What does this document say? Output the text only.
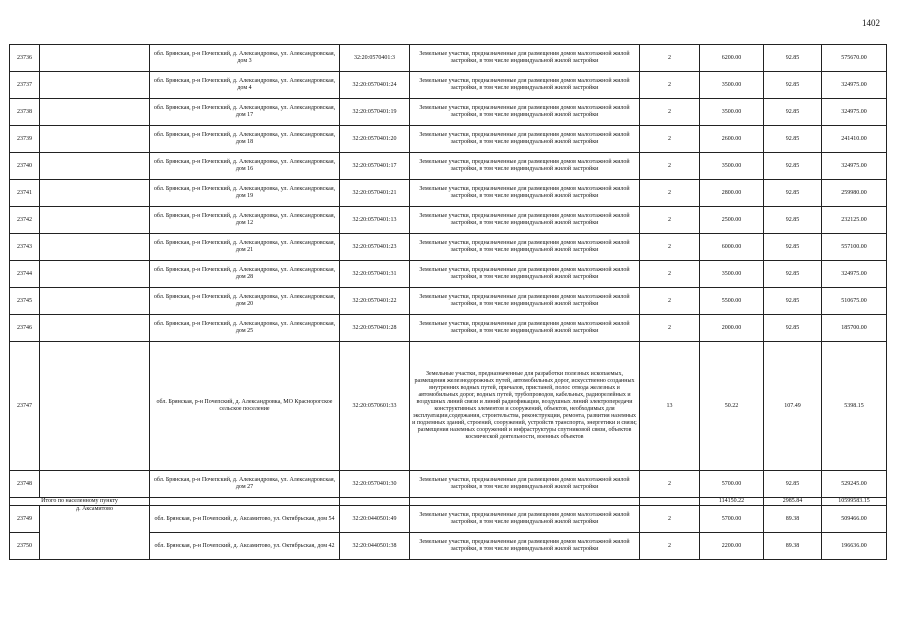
1402
23736		обл. Брянская, р-н Почепский, д. Александровка, ул. Александровская, дом 3	32:20:0570401:3	Земельные участки, предназначенные для размещения домов малоэтажной жилой застройки, в том числе индивидуальной жилой застройки	2	6200.00	92.85	575670.00
23737		обл. Брянская, р-н Почепский, д. Александровка, ул. Александровская, дом 4	32:20:0570401:24	Земельные участки, предназначенные для размещения домов малоэтажной жилой застройки, в том числе индивидуальной жилой застройки	2	3500.00	92.85	324975.00
23738		обл. Брянская, р-н Почепский, д. Александровка, ул. Александровская, дом 17	32:20:0570401:19	Земельные участки, предназначенные для размещения домов малоэтажной жилой застройки, в том числе индивидуальной жилой застройки	2	3500.00	92.85	324975.00
23739		обл. Брянская, р-н Почепский, д. Александровка, ул. Александровская, дом 18	32:20:0570401:20	Земельные участки, предназначенные для размещения домов малоэтажной жилой застройки, в том числе индивидуальной жилой застройки	2	2600.00	92.85	241410.00
23740		обл. Брянская, р-н Почепский, д. Александровка, ул. Александровская, дом 16	32:20:0570401:17	Земельные участки, предназначенные для размещения домов малоэтажной жилой застройки, в том числе индивидуальной жилой застройки	2	3500.00	92.85	324975.00
23741		обл. Брянская, р-н Почепский, д. Александровка, ул. Александровская, дом 19	32:20:0570401:21	Земельные участки, предназначенные для размещения домов малоэтажной жилой застройки, в том числе индивидуальной жилой застройки	2	2800.00	92.85	259980.00
23742		обл. Брянская, р-н Почепский, д. Александровка, ул. Александровская, дом 12	32:20:0570401:13	Земельные участки, предназначенные для размещения домов малоэтажной жилой застройки, в том числе индивидуальной жилой застройки	2	2500.00	92.85	232125.00
23743		обл. Брянская, р-н Почепский, д. Александровка, ул. Александровская, дом 21	32:20:0570401:23	Земельные участки, предназначенные для размещения домов малоэтажной жилой застройки, в том числе индивидуальной жилой застройки	2	6000.00	92.85	557100.00
23744		обл. Брянская, р-н Почепский, д. Александровка, ул. Александровская, дом 28	32:20:0570401:31	Земельные участки, предназначенные для размещения домов малоэтажной жилой застройки, в том числе индивидуальной жилой застройки	2	3500.00	92.85	324975.00
23745		обл. Брянская, р-н Почепский, д. Александровка, ул. Александровская, дом 20	32:20:0570401:22	Земельные участки, предназначенные для размещения домов малоэтажной жилой застройки, в том числе индивидуальной жилой застройки	2	5500.00	92.85	510675.00
23746		обл. Брянская, р-н Почепский, д. Александровка, ул. Александровская, дом 25	32:20:0570401:28	Земельные участки, предназначенные для размещения домов малоэтажной жилой застройки, в том числе индивидуальной жилой застройки	2	2000.00	92.85	185700.00
23747		обл. Брянская, р-н Почепский, д. Александровка, МО Краснорогское сельское поселение	32:20:0570601:33	Земельные участки, предназначенные для разработки полезных ископаемых, размещения железнодорожных путей, автомобильных дорог, искусственно созданных внутренних водных путей, причалов, пристаней, полос отвода железных и автомобильных дорог, водных путей, трубопроводов, кабельных, радиорелейных и воздушных линий связи и линий радиофикации, воздушных линий электропередачи конструктивных элементов и сооружений, объектов, необходимых для эксплуатации,содержания, строительства, реконструкции, ремонта, развития наземных и подземных зданий, строений, сооружений, устройств транспорта, энергетики и связи; размещения наземных сооружений и инфраструктуры спутниковой связи, объектов космической деятельности, военных объектов	13	50.22	107.49	5398.15
23748		обл. Брянская, р-н Почепский, д. Александровка, ул. Александровская, дом 27	32:20:0570401:30	Земельные участки, предназначенные для размещения домов малоэтажной жилой застройки, в том числе индивидуальной жилой застройки	2	5700.00	92.85	529245.00
Итого по населенному пункту						114150.22	2985.84	10599583.15
23749	д. Аксамитово	обл. Брянская, р-н Почепский, д. Аксамитово, ул. Октябрьская, дом 54	32:20:0440501:49	Земельные участки, предназначенные для размещения домов малоэтажной жилой застройки, в том числе индивидуальной жилой застройки	2	5700.00	89.38	509466.00
23750		обл. Брянская, р-н Почепский, д. Аксамитово, ул. Октябрьская, дом 42	32:20:0440501:38	Земельные участки, предназначенные для размещения домов малоэтажной жилой застройки, в том числе индивидуальной жилой застройки	2	2200.00	89.38	196636.00
